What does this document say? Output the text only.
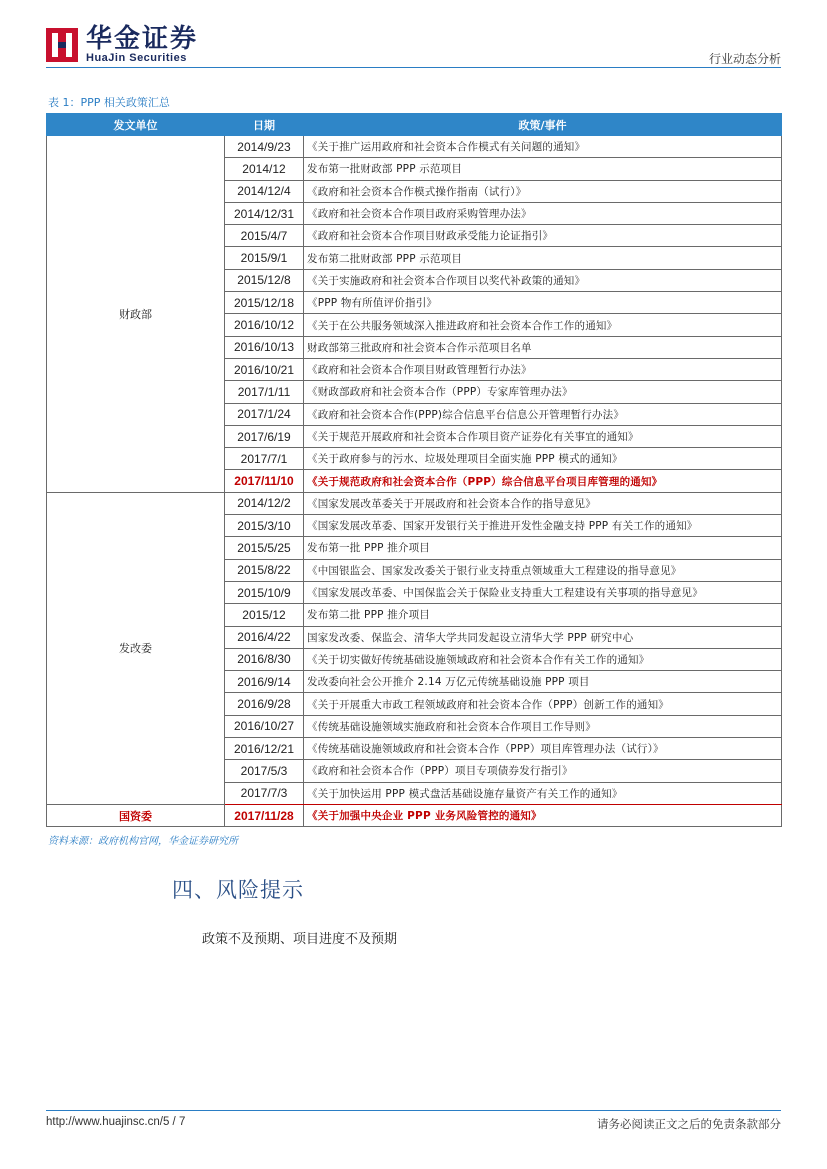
华金证券
HuaJin Securities	行业动态分析
表 1：PPP 相关政策汇总
发文单位	日期	政策/事件
财政部	2014/9/23	《关于推广运用政府和社会资本合作模式有关问题的通知》
	2014/12	发布第一批财政部 PPP 示范项目
	2014/12/4	《政府和社会资本合作模式操作指南（试行）》
	2014/12/31	《政府和社会资本合作项目政府采购管理办法》
	2015/4/7	《政府和社会资本合作项目财政承受能力论证指引》
	2015/9/1	发布第二批财政部 PPP 示范项目
	2015/12/8	《关于实施政府和社会资本合作项目以奖代补政策的通知》
	2015/12/18	《PPP 物有所值评价指引》
	2016/10/12	《关于在公共服务领域深入推进政府和社会资本合作工作的通知》
	2016/10/13	财政部第三批政府和社会资本合作示范项目名单
	2016/10/21	《政府和社会资本合作项目财政管理暂行办法》
	2017/1/11	《财政部政府和社会资本合作（PPP）专家库管理办法》
	2017/1/24	《政府和社会资本合作(PPP)综合信息平台信息公开管理暂行办法》
	2017/6/19	《关于规范开展政府和社会资本合作项目资产证券化有关事宜的通知》
	2017/7/1	《关于政府参与的污水、垃圾处理项目全面实施 PPP 模式的通知》
	2017/11/10	《关于规范政府和社会资本合作（PPP）综合信息平台项目库管理的通知》
发改委	2014/12/2	《国家发展改革委关于开展政府和社会资本合作的指导意见》
	2015/3/10	《国家发展改革委、国家开发银行关于推进开发性金融支持 PPP 有关工作的通知》
	2015/5/25	发布第一批 PPP 推介项目
	2015/8/22	《中国银监会、国家发改委关于银行业支持重点领域重大工程建设的指导意见》
	2015/10/9	《国家发展改革委、中国保监会关于保险业支持重大工程建设有关事项的指导意见》
	2015/12	发布第二批 PPP 推介项目
	2016/4/22	国家发改委、保监会、清华大学共同发起设立清华大学 PPP 研究中心
	2016/8/30	《关于切实做好传统基础设施领域政府和社会资本合作有关工作的通知》
	2016/9/14	发改委向社会公开推介 2.14 万亿元传统基础设施 PPP 项目
	2016/9/28	《关于开展重大市政工程领域政府和社会资本合作（PPP）创新工作的通知》
	2016/10/27	《传统基础设施领域实施政府和社会资本合作项目工作导则》
	2016/12/21	《传统基础设施领域政府和社会资本合作（PPP）项目库管理办法（试行）》
	2017/5/3	《政府和社会资本合作（PPP）项目专项债券发行指引》
	2017/7/3	《关于加快运用 PPP 模式盘活基础设施存量资产有关工作的通知》
国资委	2017/11/28	《关于加强中央企业 PPP 业务风险管控的通知》
资料来源：政府机构官网，华金证券研究所
四、风险提示
政策不及预期、项目进度不及预期
http://www.huajinsc.cn/5 / 7	请务必阅读正文之后的免责条款部分
